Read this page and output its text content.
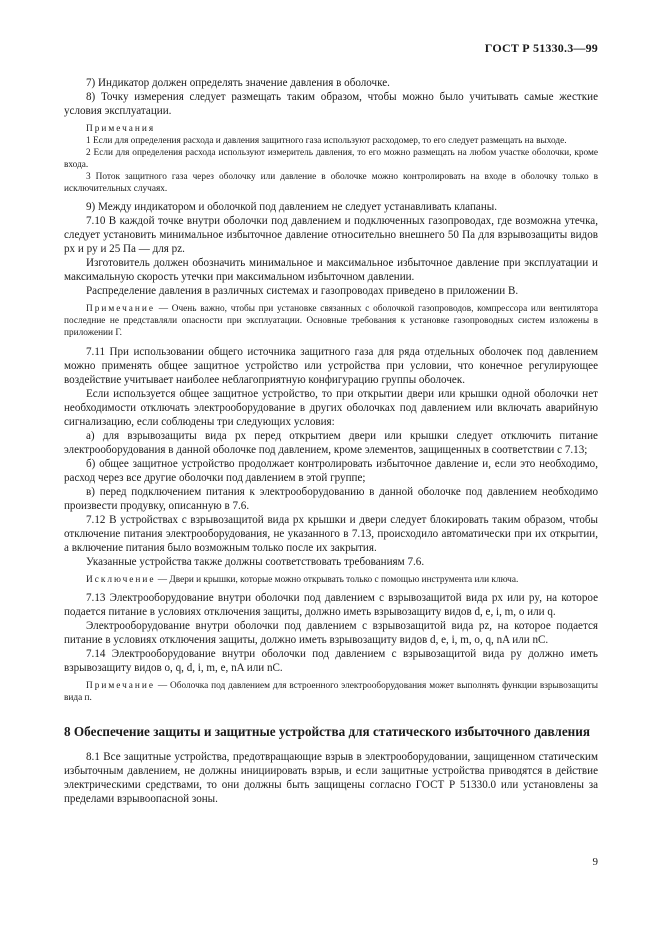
ГОСТ Р 51330.3—99

7) Индикатор должен определять значение давления в оболочке.

8) Точку измерения следует размещать таким образом, чтобы можно было учитывать самые жесткие условия эксплуатации.

Примечания

1 Если для определения расхода и давления защитного газа используют расходомер, то его следует размещать на выходе.

2 Если для определения расхода используют измеритель давления, то его можно размещать на любом участке оболочки, кроме входа.

3 Поток защитного газа через оболочку или давление в оболочке можно контролировать на входе в оболочку только в исключительных случаях.

9) Между индикатором и оболочкой под давлением не следует устанавливать клапаны.

7.10 В каждой точке внутри оболочки под давлением и подключенных газопроводах, где возможна утечка, следует установить минимальное избыточное давление относительно внешнего 50 Па для взрывозащиты видов px и py и 25 Па — для pz.

Изготовитель должен обозначить минимальное и максимальное избыточное давление при эксплуатации и максимальную скорость утечки при максимальном избыточном давлении.

Распределение давления в различных системах и газопроводах приведено в приложении В.

Примечание — Очень важно, чтобы при установке связанных с оболочкой газопроводов, компрессора или вентилятора последние не представляли опасности при эксплуатации. Основные требования к установке газопроводных систем изложены в приложении Г.

7.11 При использовании общего источника защитного газа для ряда отдельных оболочек под давлением можно применять общее защитное устройство или устройства при условии, что конечное регулирующее воздействие учитывает наиболее неблагоприятную конфигурацию группы оболочек.

Если используется общее защитное устройство, то при открытии двери или крышки одной оболочки нет необходимости отключать электрооборудование в других оболочках под давлением или включать аварийную сигнализацию, если соблюдены три следующих условия:

а) для взрывозащиты вида px перед открытием двери или крышки следует отключить питание электрооборудования в данной оболочке под давлением, кроме элементов, защищенных в соответствии с 7.13;

б) общее защитное устройство продолжает контролировать избыточное давление и, если это необходимо, расход через все другие оболочки под давлением в этой группе;

в) перед подключением питания к электрооборудованию в данной оболочке под давлением необходимо произвести продувку, описанную в 7.6.

7.12 В устройствах с взрывозащитой вида px крышки и двери следует блокировать таким образом, чтобы отключение питания электрооборудования, не указанного в 7.13, происходило автоматически при их открытии, а включение питания было возможным только после их закрытия.

Указанные устройства также должны соответствовать требованиям 7.6.

Исключение — Двери и крышки, которые можно открывать только с помощью инструмента или ключа.

7.13 Электрооборудование внутри оболочки под давлением с взрывозащитой вида px или py, на которое подается питание в условиях отключения защиты, должно иметь взрывозащиту видов d, e, i, m, o или q.

Электрооборудование внутри оболочки под давлением с взрывозащитой вида pz, на которое подается питание в условиях отключения защиты, должно иметь взрывозащиту видов d, e, i, m, o, q, nA или nC.

7.14 Электрооборудование внутри оболочки под давлением с взрывозащитой вида py должно иметь взрывозащиту видов o, q, d, i, m, e, nA или nC.

Примечание — Оболочка под давлением для встроенного электрооборудования может выполнять функции взрывозащиты вида п.

8 Обеспечение защиты и защитные устройства для статического избыточного давления

8.1 Все защитные устройства, предотвращающие взрыв в электрооборудовании, защищенном статическим избыточным давлением, не должны инициировать взрыв, и если защитные устройства приводятся в действие электрическими средствами, то они должны быть защищены согласно ГОСТ Р 51330.0 или установлены за пределами взрывоопасной зоны.

9
